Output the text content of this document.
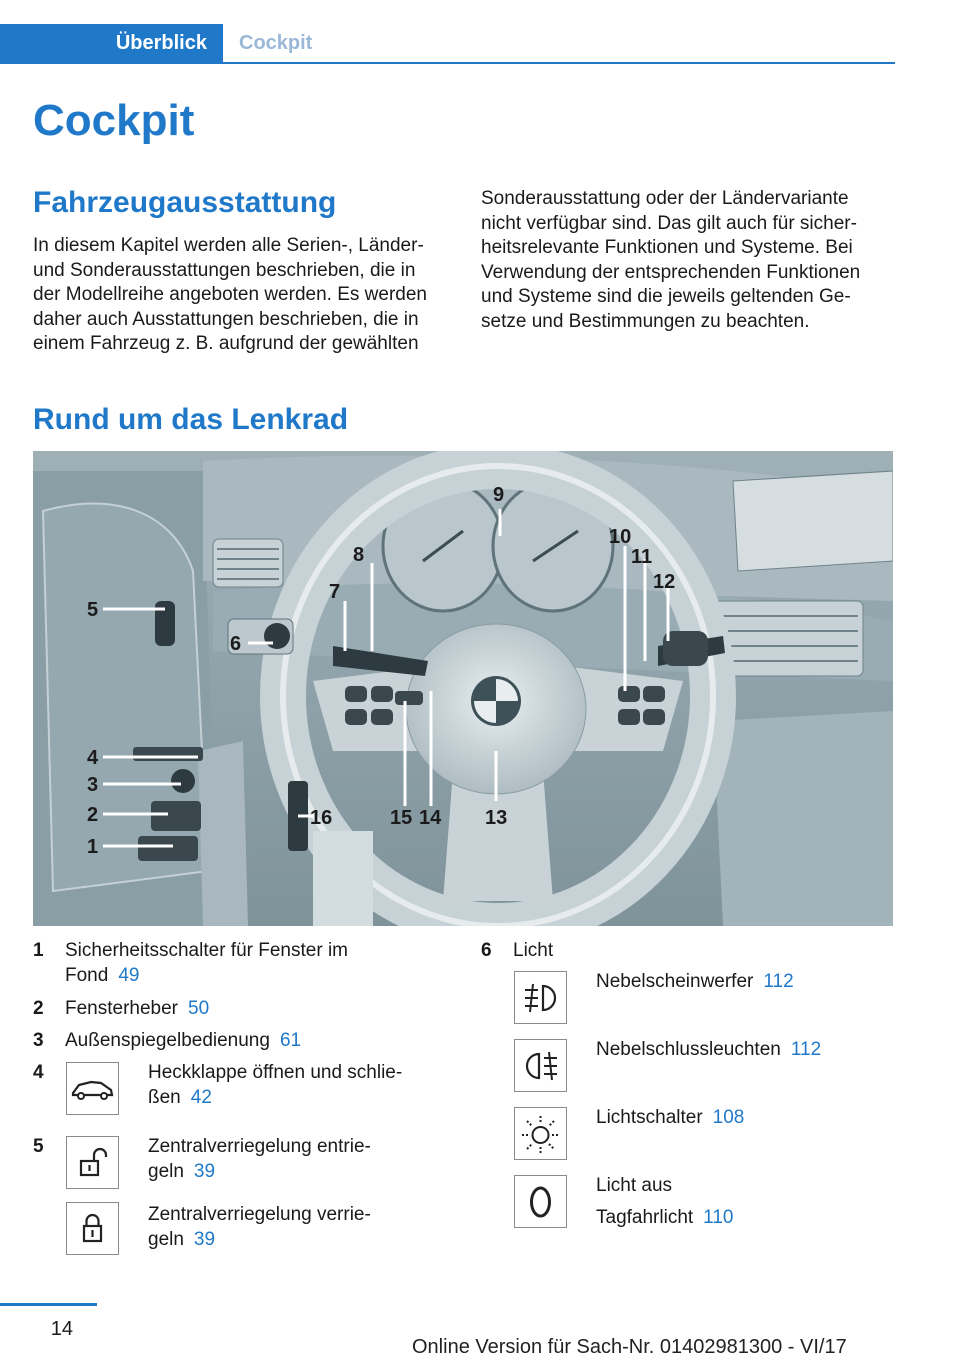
Überblick	Cockpit
Cockpit
Fahrzeugausstattung
In diesem Kapitel werden alle Serien-, Länder-
und Sonderausstattungen beschrieben, die in
der Modellreihe angeboten werden. Es werden
daher auch Ausstattungen beschrieben, die in
einem Fahrzeug z. B. aufgrund der gewählten
Sonderausstattung oder der Ländervariante
nicht verfügbar sind. Das gilt auch für sicher-
heitsrelevante Funktionen und Systeme. Bei
Verwendung der entsprechenden Funktionen
und Systeme sind die jeweils geltenden Ge-
setze und Bestimmungen zu beachten.
Rund um das Lenkrad
1
2
3
4
5
6
7
8
9
10
11
12
13
14
15
16
1 Sicherheitsschalter für Fenster im
Fond 49
2 Fensterheber 50
3 Außenspiegelbedienung 61
4	Heckklappe öffnen und schlie-
ßen 42
5	Zentralverriegelung entrie-
geln 39
Zentralverriegelung verrie-
geln 39
6 Licht
Nebelscheinwerfer 112
Nebelschlussleuchten 112
Lichtschalter 108
Licht aus
Tagfahrlicht 110
14
Online Version für Sach-Nr. 01402981300 - VI/17
